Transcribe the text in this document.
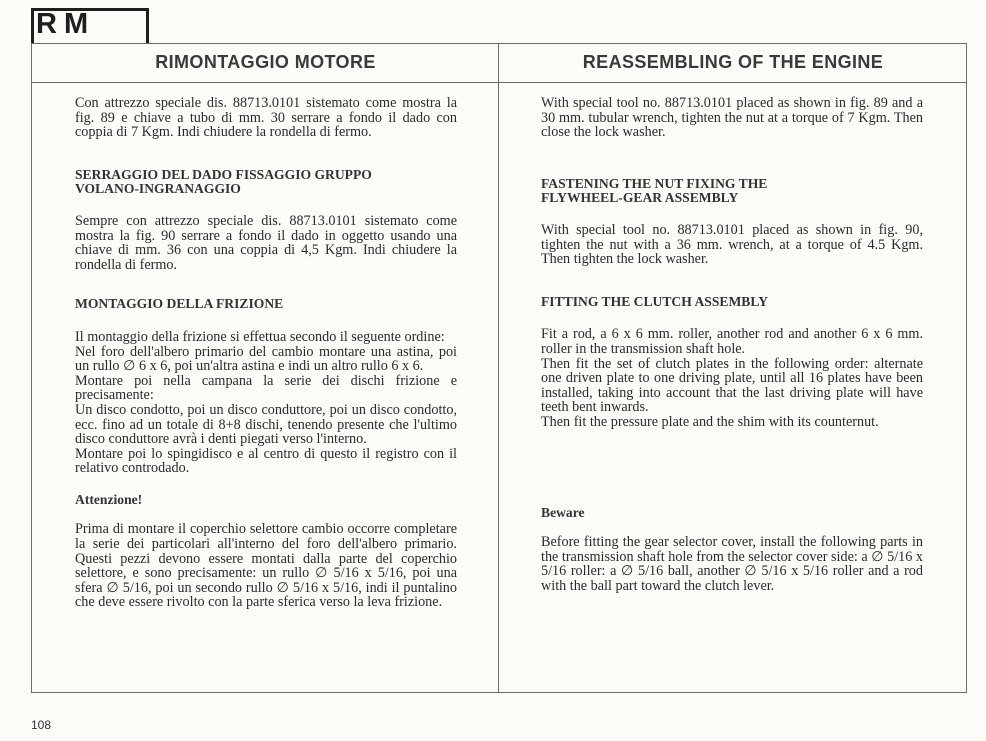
RM
RIMONTAGGIO MOTORE	REASSEMBLING OF THE ENGINE

Con attrezzo speciale dis. 88713.0101 sistemato come mostra la fig. 89 e chiave a tubo di mm. 30 serrare a fondo il dado con coppia di 7 Kgm. Indi chiudere la rondella di fermo.

SERRAGGIO DEL DADO FISSAGGIO GRUPPO VOLANO-INGRANAGGIO

Sempre con attrezzo speciale dis. 88713.0101 sistemato come mostra la fig. 90 serrare a fondo il dado in oggetto usando una chiave di mm. 36 con una coppia di 4,5 Kgm. Indi chiudere la rondella di fermo.

MONTAGGIO DELLA FRIZIONE

Il montaggio della frizione si effettua secondo il seguente ordine:

Nel foro dell'albero primario del cambio montare una astina, poi un rullo ∅ 6 x 6, poi un'altra astina e indi un altro rullo 6 x 6.

Montare poi nella campana la serie dei dischi frizione e precisamente:

Un disco condotto, poi un disco conduttore, poi un disco condotto, ecc. fino ad un totale di 8+8 dischi, tenendo presente che l'ultimo disco conduttore avrà i denti piegati verso l'interno.

Montare poi lo spingidisco e al centro di questo il registro con il relativo controdado.

Attenzione!

Prima di montare il coperchio selettore cambio occorre completare la serie dei particolari all'interno del foro dell'albero primario. Questi pezzi devono essere montati dalla parte del coperchio selettore, e sono precisamente: un rullo ∅ 5/16 x 5/16, poi una sfera ∅ 5/16, poi un secondo rullo ∅ 5/16 x 5/16, indi il puntalino che deve essere rivolto con la parte sferica verso la leva frizione.

With special tool no. 88713.0101 placed as shown in fig. 89 and a 30 mm. tubular wrench, tighten the nut at a torque of 7 Kgm. Then close the lock washer.

FASTENING THE NUT FIXING THE FLYWHEEL-GEAR ASSEMBLY

With special tool no. 88713.0101 placed as shown in fig. 90, tighten the nut with a 36 mm. wrench, at a torque of 4.5 Kgm. Then tighten the lock washer.

FITTING THE CLUTCH ASSEMBLY

Fit a rod, a 6 x 6 mm. roller, another rod and another 6 x 6 mm. roller in the transmission shaft hole.

Then fit the set of clutch plates in the following order: alternate one driven plate to one driving plate, until all 16 plates have been installed, taking into account that the last driving plate will have teeth bent inwards.

Then fit the pressure plate and the shim with its counternut.

Beware

Before fitting the gear selector cover, install the following parts in the transmission shaft hole from the selector cover side: a ∅ 5/16 x 5/16 roller: a ∅ 5/16 ball, another ∅ 5/16 x 5/16 roller and a rod with the ball part toward the clutch lever.

108
